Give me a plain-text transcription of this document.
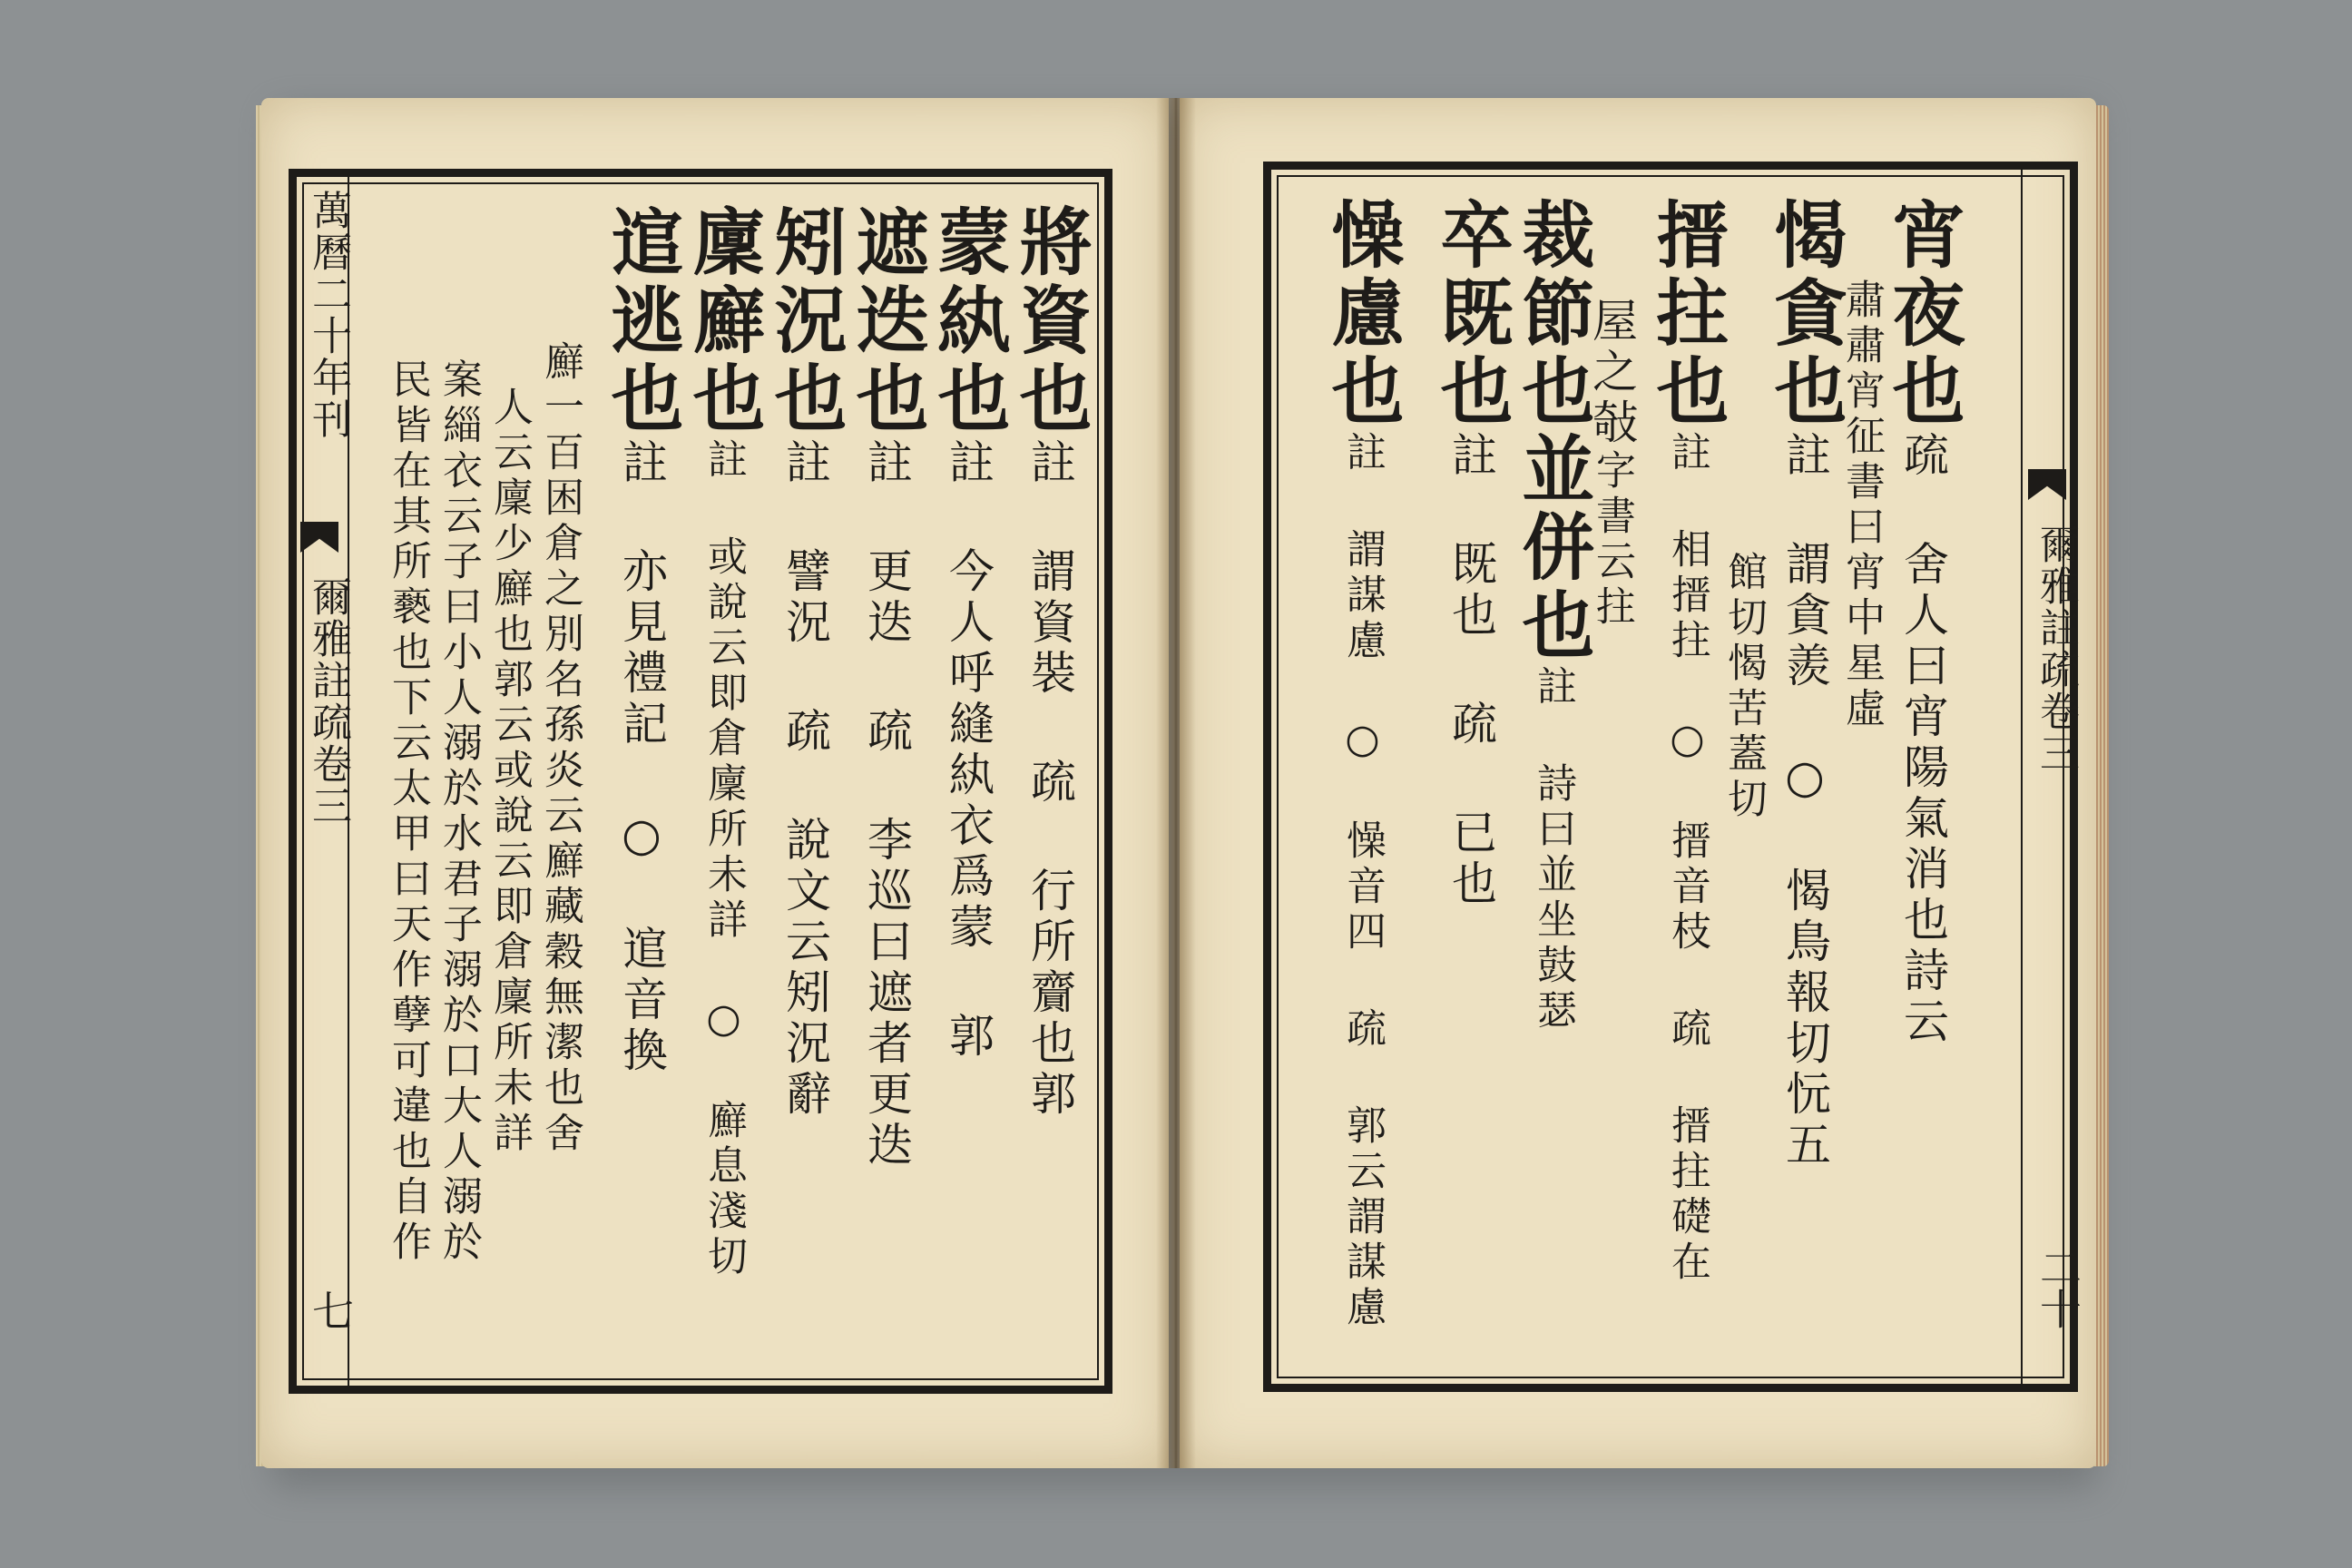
將資也註 謂資裝 疏 行所齎也郭
蒙紈也註 今人呼縫紈衣爲蒙 郭
遮迭也註 更迭 疏 李巡曰遮者更迭
矧況也註 譬況 疏 說文云矧況辭
廩廯也註 或說云即倉廩所未詳 ○ 廯息淺切
逭逃也註 亦見禮記 ○ 逭音換
廯一百困倉之別名孫炎云廯藏穀無潔也舍
人云廩少廯也郭云或說云即倉廩所未詳
案緇衣云子曰小人溺於水君子溺於口大人溺於
民皆在其所褻也下云太甲曰天作孽可違也自作
萬曆二十年刊
爾雅註疏卷三
七
宵夜也疏 舍人曰宵陽氣消也詩云
肅肅宵征書曰宵中星虛
愒貪也註 謂貪羨 ○ 愒鳥報切忨五
館切愒苦蓋切
搢拄也註 相搢拄 ○ 搢音枝 疏 搢拄礎在
屋之敧字書云拄
裁節也並併也註 詩曰並坐鼓瑟
卒既也註 既也 疏 已也
懆慮也註 謂謀慮 ○ 懆音四 疏 郭云謂謀慮	爾雅註疏卷三
二十
